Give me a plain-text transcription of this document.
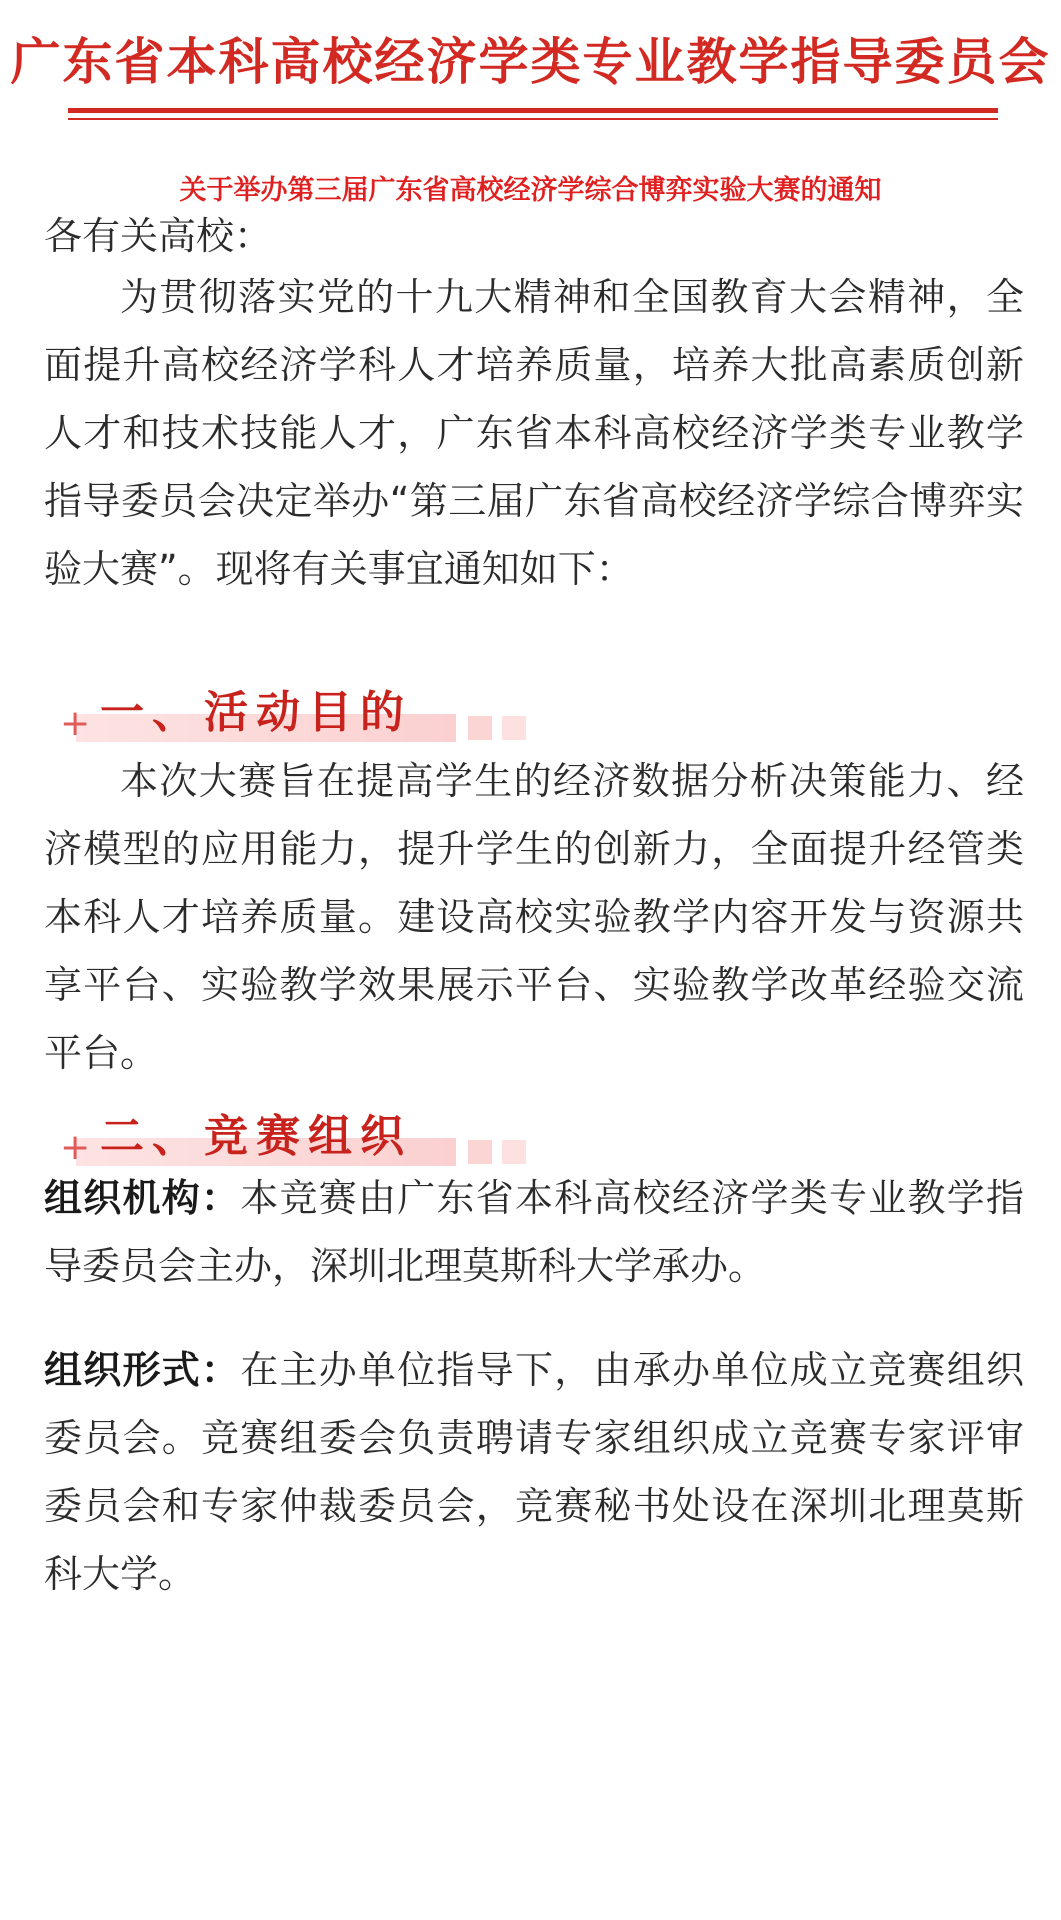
广东省本科高校经济学类专业教学指导委员会
关于举办第三届广东省高校经济学综合博弈实验大赛的通知

各有关高校：

为贯彻落实党的十九大精神和全国教育大会精神，全面提升高校经济学科人才培养质量，培养大批高素质创新人才和技术技能人才，广东省本科高校经济学类专业教学指导委员会决定举办“第三届广东省高校经济学综合博弈实验大赛”。现将有关事宜通知如下：

+ 一、活动目的

本次大赛旨在提高学生的经济数据分析决策能力、经济模型的应用能力，提升学生的创新力，全面提升经管类本科人才培养质量。建设高校实验教学内容开发与资源共享平台、实验教学效果展示平台、实验教学改革经验交流平台。

+ 二、竞赛组织

组织机构：本竞赛由广东省本科高校经济学类专业教学指导委员会主办，深圳北理莫斯科大学承办。

组织形式：在主办单位指导下，由承办单位成立竞赛组织委员会。竞赛组委会负责聘请专家组织成立竞赛专家评审委员会和专家仲裁委员会，竞赛秘书处设在深圳北理莫斯科大学。
